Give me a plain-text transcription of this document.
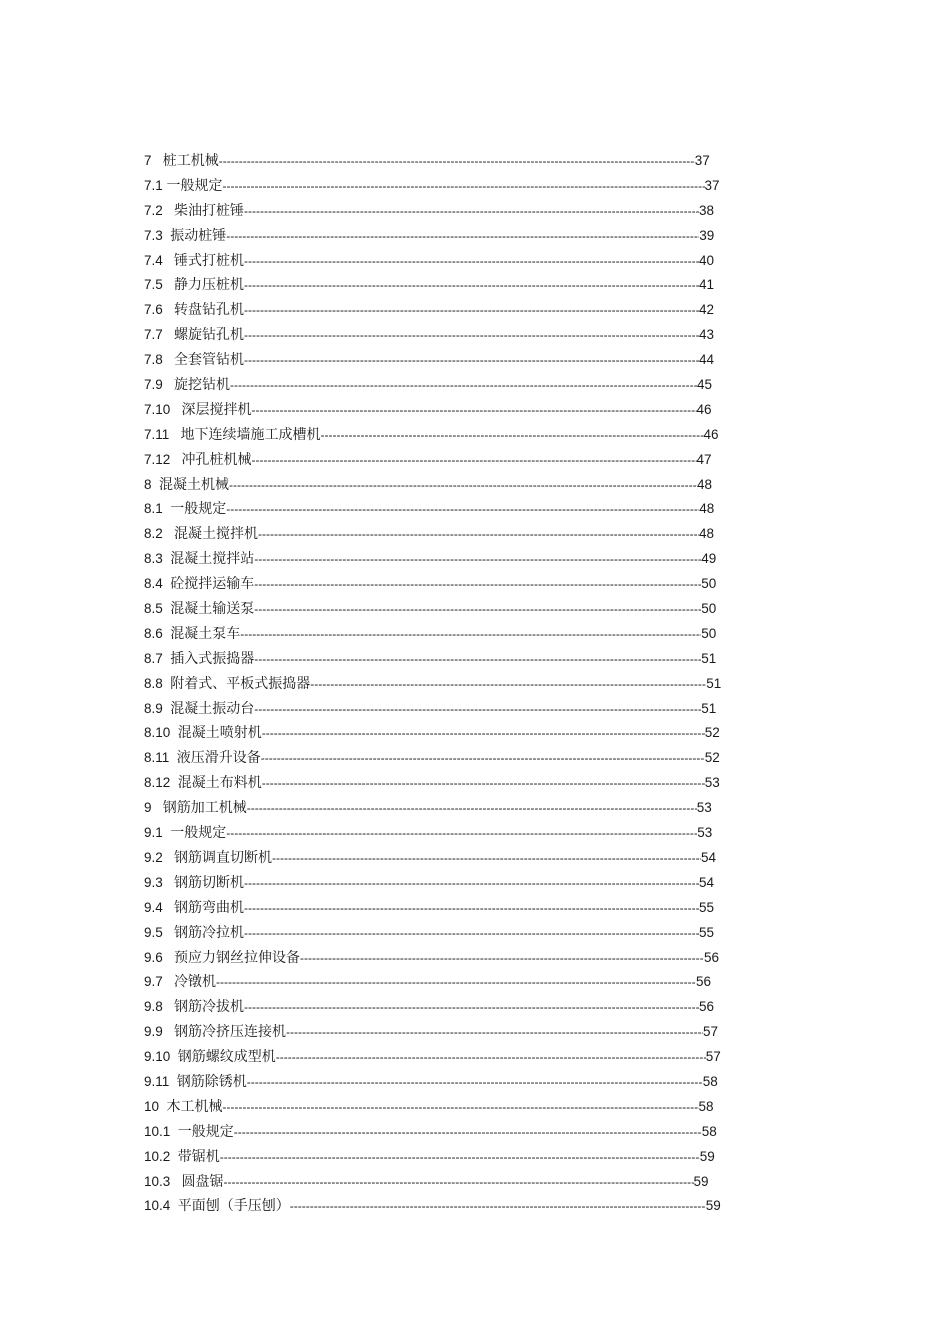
7 桩工机械 -----	37
7.1 一般规定 -----	37
7.2 柴油打桩锤 -----	38
7.3 振动桩锤 -----	39
7.4 锤式打桩机 -----	40
7.5 静力压桩机 -----	41
7.6 转盘钻孔机 -----	42
7.7 螺旋钻孔机 -----	43
7.8 全套管钻机 -----	44
7.9 旋挖钻机 -----	45
7.10 深层搅拌机 -----	46
7.11 地下连续墙施工成槽机 -----	46
7.12 冲孔桩机械 -----	47
8 混凝土机械 -----	48
8.1 一般规定 -----	48
8.2 混凝土搅拌机 -----	48
8.3 混凝土搅拌站 -----	49
8.4 砼搅拌运输车 -----	50
8.5 混凝土输送泵 -----	50
8.6 混凝土泵车 -----	50
8.7 插入式振捣器 -----	51
8.8 附着式、平板式振捣器 -----	51
8.9 混凝土振动台 -----	51
8.10 混凝土喷射机 -----	52
8.11 液压滑升设备 -----	52
8.12 混凝土布料机 -----	53
9 钢筋加工机械 -----	53
9.1 一般规定 -----	53
9.2 钢筋调直切断机 -----	54
9.3 钢筋切断机 -----	54
9.4 钢筋弯曲机 -----	55
9.5 钢筋冷拉机 -----	55
9.6 预应力钢丝拉伸设备 -----	56
9.7 冷镦机 -----	56
9.8 钢筋冷拔机 -----	56
9.9 钢筋冷挤压连接机 -----	57
9.10 钢筋螺纹成型机 -----	57
9.11 钢筋除锈机 -----	58
10 木工机械 -----	58
10.1 一般规定 -----	58
10.2 带锯机 -----	59
10.3 圆盘锯 -----	59
10.4 平面刨（手压刨） -----	59
